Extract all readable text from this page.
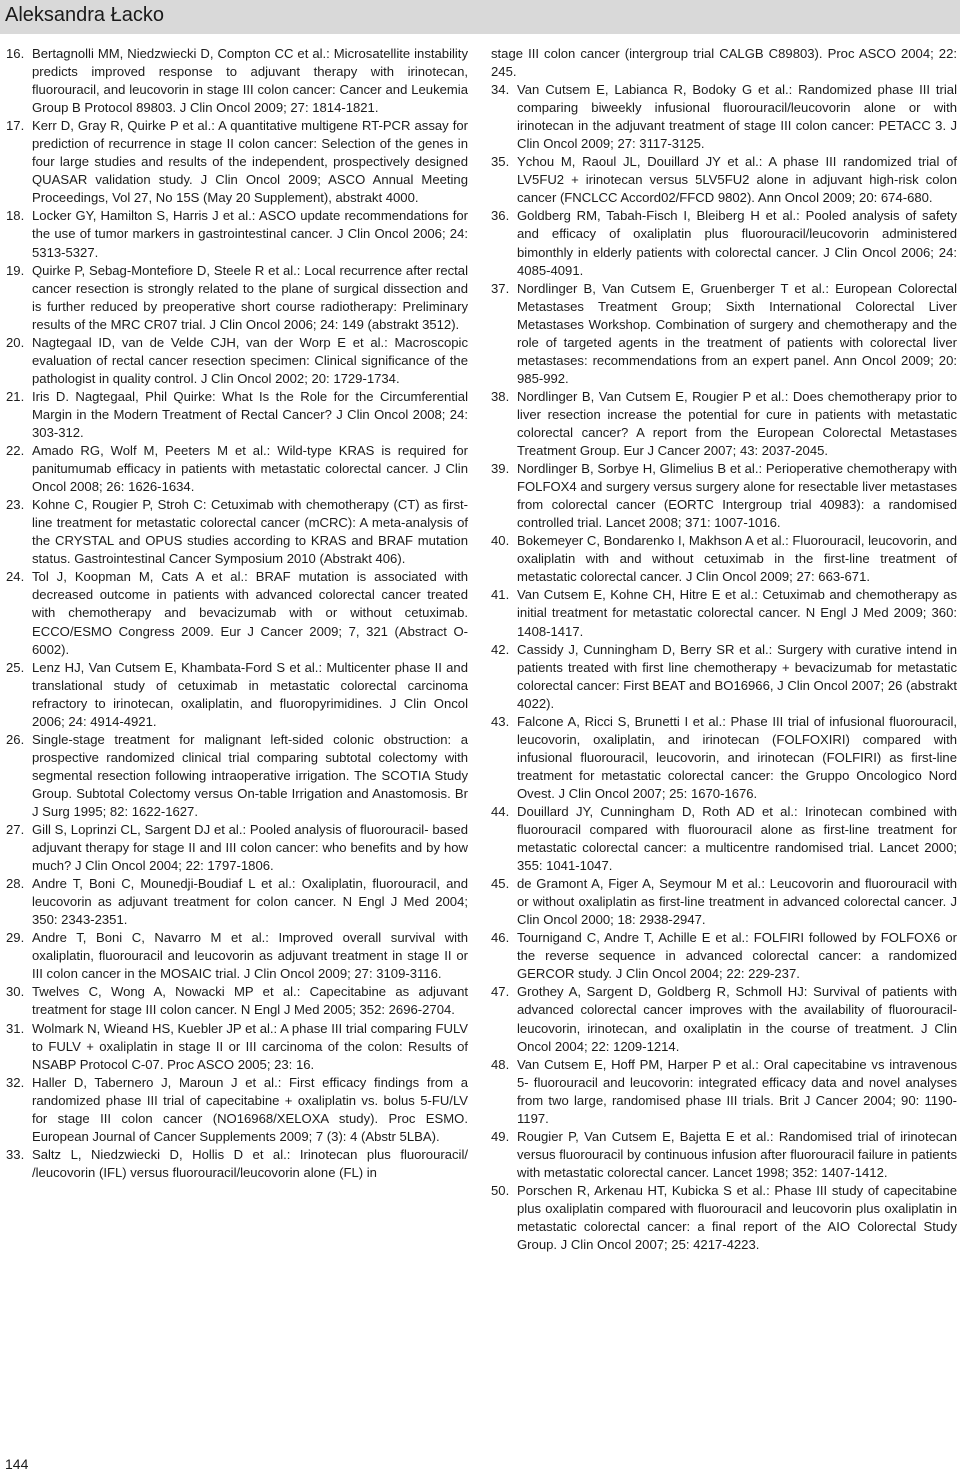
Aleksandra Łacko

16. Bertagnolli MM, Niedzwiecki D, Compton CC et al.: Microsatellite instability predicts improved response to adjuvant therapy with irinotecan, fluorouracil, and leucovorin in stage III colon cancer: Cancer and Leukemia Group B Protocol 89803. J Clin Oncol 2009; 27: 1814-1821.

17. Kerr D, Gray R, Quirke P et al.: A quantitative multigene RT-PCR assay for prediction of recurrence in stage II colon cancer: Selection of the genes in four large studies and results of the independent, prospectively designed QUASAR validation study. J Clin Oncol 2009; ASCO Annual Meeting Proceedings, Vol 27, No 15S (May 20 Supplement), abstrakt 4000.

18. Locker GY, Hamilton S, Harris J et al.: ASCO update recommendations for the use of tumor markers in gastrointestinal cancer. J Clin Oncol 2006; 24: 5313-5327.

19. Quirke P, Sebag-Montefiore D, Steele R et al.: Local recurrence after rectal cancer resection is strongly related to the plane of surgical dissection and is further reduced by preoperative short course radiotherapy: Preliminary results of the MRC CR07 trial. J Clin Oncol 2006; 24: 149 (abstrakt 3512).

20. Nagtegaal ID, van de Velde CJH, van der Worp E et al.: Macroscopic evaluation of rectal cancer resection specimen: Clinical significance of the pathologist in quality control. J Clin Oncol 2002; 20: 1729-1734.

21. Iris D. Nagtegaal, Phil Quirke: What Is the Role for the Circumferential Margin in the Modern Treatment of Rectal Cancer? J Clin Oncol 2008; 24: 303-312.

22. Amado RG, Wolf M, Peeters M et al.: Wild-type KRAS is required for panitumumab efficacy in patients with metastatic colorectal cancer. J Clin Oncol 2008; 26: 1626-1634.

23. Kohne C, Rougier P, Stroh C: Cetuximab with chemotherapy (CT) as first-line treatment for metastatic colorectal cancer (mCRC): A meta-analysis of the CRYSTAL and OPUS studies according to KRAS and BRAF mutation status. Gastrointestinal Cancer Symposium 2010 (Abstrakt 406).

24. Tol J, Koopman M, Cats A et al.: BRAF mutation is associated with decreased outcome in patients with advanced colorectal cancer treated with chemotherapy and bevacizumab with or without cetuximab. ECCO/ESMO Congress 2009. Eur J Cancer 2009; 7, 321 (Abstract O-6002).

25. Lenz HJ, Van Cutsem E, Khambata-Ford S et al.: Multicenter phase II and translational study of cetuximab in metastatic colorectal carcinoma refractory to irinotecan, oxaliplatin, and fluoropyrimidines. J Clin Oncol 2006; 24: 4914-4921.

26. Single-stage treatment for malignant left-sided colonic obstruction: a prospective randomized clinical trial comparing subtotal colectomy with segmental resection following intraoperative irrigation. The SCOTIA Study Group. Subtotal Colectomy versus On-table Irrigation and Anastomosis. Br J Surg 1995; 82: 1622-1627.

27. Gill S, Loprinzi CL, Sargent DJ et al.: Pooled analysis of fluorouracil- based adjuvant therapy for stage II and III colon cancer: who benefits and by how much? J Clin Oncol 2004; 22: 1797-1806.

28. Andre T, Boni C, Mounedji-Boudiaf L et al.: Oxaliplatin, fluorouracil, and leucovorin as adjuvant treatment for colon cancer. N Engl J Med 2004; 350: 2343-2351.

29. Andre T, Boni C, Navarro M et al.: Improved overall survival with oxaliplatin, fluorouracil and leucovorin as adjuvant treatment in stage II or III colon cancer in the MOSAIC trial. J Clin Oncol 2009; 27: 3109-3116.

30. Twelves C, Wong A, Nowacki MP et al.: Capecitabine as adjuvant treatment for stage III colon cancer. N Engl J Med 2005; 352: 2696-2704.

31. Wolmark N, Wieand HS, Kuebler JP et al.: A phase III trial comparing FULV to FULV + oxaliplatin in stage II or III carcinoma of the colon: Results of NSABP Protocol C-07. Proc ASCO 2005; 23: 16.

32. Haller D, Tabernero J, Maroun J et al.: First efficacy findings from a randomized phase III trial of capecitabine + oxaliplatin vs. bolus 5-FU/LV for stage III colon cancer (NO16968/XELOXA study). Proc ESMO. European Journal of Cancer Supplements 2009; 7 (3): 4 (Abstr 5LBA).

33. Saltz L, Niedzwiecki D, Hollis D et al.: Irinotecan plus fluorouracil/ /leucovorin (IFL) versus fluorouracil/leucovorin alone (FL) in

stage III colon cancer (intergroup trial CALGB C89803). Proc ASCO 2004; 22: 245.

34. Van Cutsem E, Labianca R, Bodoky G et al.: Randomized phase III trial comparing biweekly infusional fluorouracil/leucovorin alone or with irinotecan in the adjuvant treatment of stage III colon cancer: PETACC 3. J Clin Oncol 2009; 27: 3117-3125.

35. Ychou M, Raoul JL, Douillard JY et al.: A phase III randomized trial of LV5FU2 + irinotecan versus 5LV5FU2 alone in adjuvant high-risk colon cancer (FNCLCC Accord02/FFCD 9802). Ann Oncol 2009; 20: 674-680.

36. Goldberg RM, Tabah-Fisch I, Bleiberg H et al.: Pooled analysis of safety and efficacy of oxaliplatin plus fluorouracil/leucovorin administered bimonthly in elderly patients with colorectal cancer. J Clin Oncol 2006; 24: 4085-4091.

37. Nordlinger B, Van Cutsem E, Gruenberger T et al.: European Colorectal Metastases Treatment Group; Sixth International Colorectal Liver Metastases Workshop. Combination of surgery and chemotherapy and the role of targeted agents in the treatment of patients with colorectal liver metastases: recommendations from an expert panel. Ann Oncol 2009; 20: 985-992.

38. Nordlinger B, Van Cutsem E, Rougier P et al.: Does chemotherapy prior to liver resection increase the potential for cure in patients with metastatic colorectal cancer? A report from the European Colorectal Metastases Treatment Group. Eur J Cancer 2007; 43: 2037-2045.

39. Nordlinger B, Sorbye H, Glimelius B et al.: Perioperative chemotherapy with FOLFOX4 and surgery versus surgery alone for resectable liver metastases from colorectal cancer (EORTC Intergroup trial 40983): a randomised controlled trial. Lancet 2008; 371: 1007-1016.

40. Bokemeyer C, Bondarenko I, Makhson A et al.: Fluorouracil, leucovorin, and oxaliplatin with and without cetuximab in the first-line treatment of metastatic colorectal cancer. J Clin Oncol 2009; 27: 663-671.

41. Van Cutsem E, Kohne CH, Hitre E et al.: Cetuximab and chemotherapy as initial treatment for metastatic colorectal cancer. N Engl J Med 2009; 360: 1408-1417.

42. Cassidy J, Cunningham D, Berry SR et al.: Surgery with curative intend in patients treated with first line chemotherapy + bevacizumab for metastatic colorectal cancer: First BEAT and BO16966, J Clin Oncol 2007; 26 (abstrakt 4022).

43. Falcone A, Ricci S, Brunetti I et al.: Phase III trial of infusional fluorouracil, leucovorin, oxaliplatin, and irinotecan (FOLFOXIRI) compared with infusional fluorouracil, leucovorin, and irinotecan (FOLFIRI) as first-line treatment for metastatic colorectal cancer: the Gruppo Oncologico Nord Ovest. J Clin Oncol 2007; 25: 1670-1676.

44. Douillard JY, Cunningham D, Roth AD et al.: Irinotecan combined with fluorouracil compared with fluorouracil alone as first-line treatment for metastatic colorectal cancer: a multicentre randomised trial. Lancet 2000; 355: 1041-1047.

45. de Gramont A, Figer A, Seymour M et al.: Leucovorin and fluorouracil with or without oxaliplatin as first-line treatment in advanced colorectal cancer. J Clin Oncol 2000; 18: 2938-2947.

46. Tournigand C, Andre T, Achille E et al.: FOLFIRI followed by FOLFOX6 or the reverse sequence in advanced colorectal cancer: a randomized GERCOR study. J Clin Oncol 2004; 22: 229-237.

47. Grothey A, Sargent D, Goldberg R, Schmoll HJ: Survival of patients with advanced colorectal cancer improves with the availability of fluorouracil-leucovorin, irinotecan, and oxaliplatin in the course of treatment. J Clin Oncol 2004; 22: 1209-1214.

48. Van Cutsem E, Hoff PM, Harper P et al.: Oral capecitabine vs intravenous 5- fluorouracil and leucovorin: integrated efficacy data and novel analyses from two large, randomised phase III trials. Brit J Cancer 2004; 90: 1190-1197.

49. Rougier P, Van Cutsem E, Bajetta E et al.: Randomised trial of irinotecan versus fluorouracil by continuous infusion after fluorouracil failure in patients with metastatic colorectal cancer. Lancet 1998; 352: 1407-1412.

50. Porschen R, Arkenau HT, Kubicka S et al.: Phase III study of capecitabine plus oxaliplatin compared with fluorouracil and leucovorin plus oxaliplatin in metastatic colorectal cancer: a final report of the AIO Colorectal Study Group. J Clin Oncol 2007; 25: 4217-4223.

144
